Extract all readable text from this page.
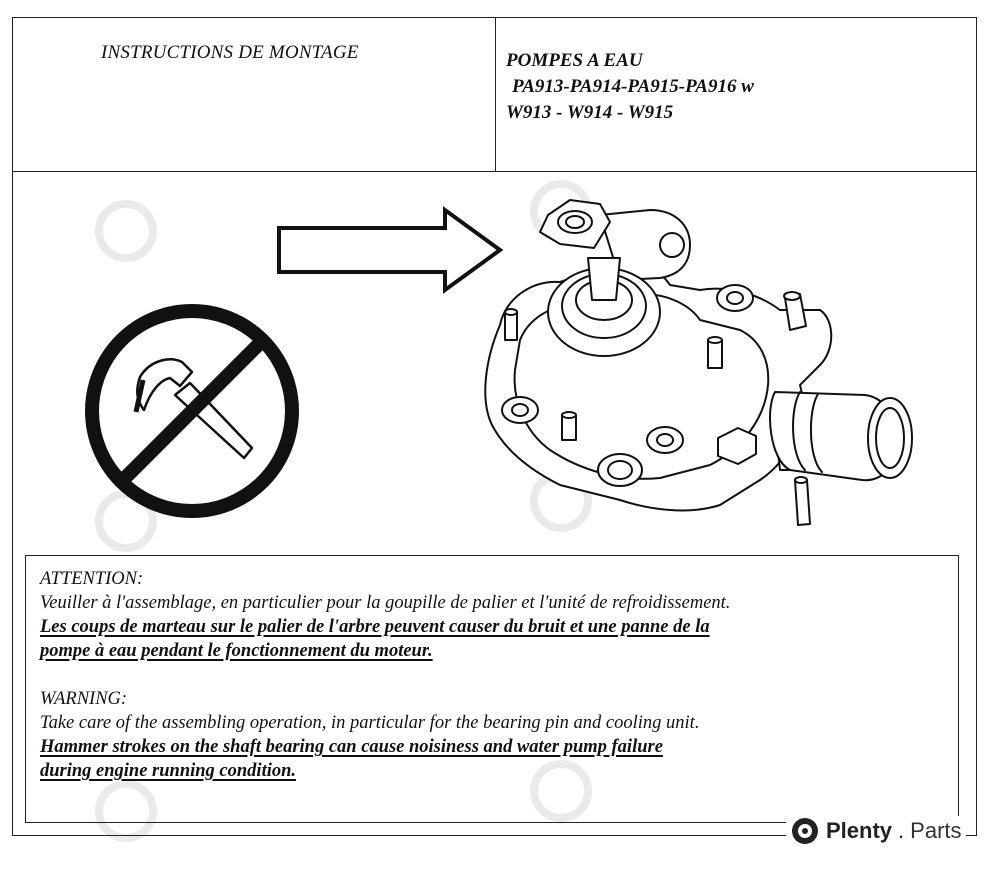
INSTRUCTIONS DE MONTAGE	POMPES A EAU
PA913-PA914-PA915-PA916 w
W913 - W914 - W915
ATTENTION:
Veuiller à l'assemblage, en particulier pour la goupille de palier et l'unité de refroidissement.
Les coups de marteau sur le palier de l'arbre peuvent causer du bruit et une panne de la
pompe à eau pendant le fonctionnement du moteur.
WARNING:
Take care of the assembling operation, in particular for the bearing pin and cooling unit.
Hammer strokes on the shaft bearing can cause noisiness and water pump failure
during engine running condition.
Plenty . Parts
